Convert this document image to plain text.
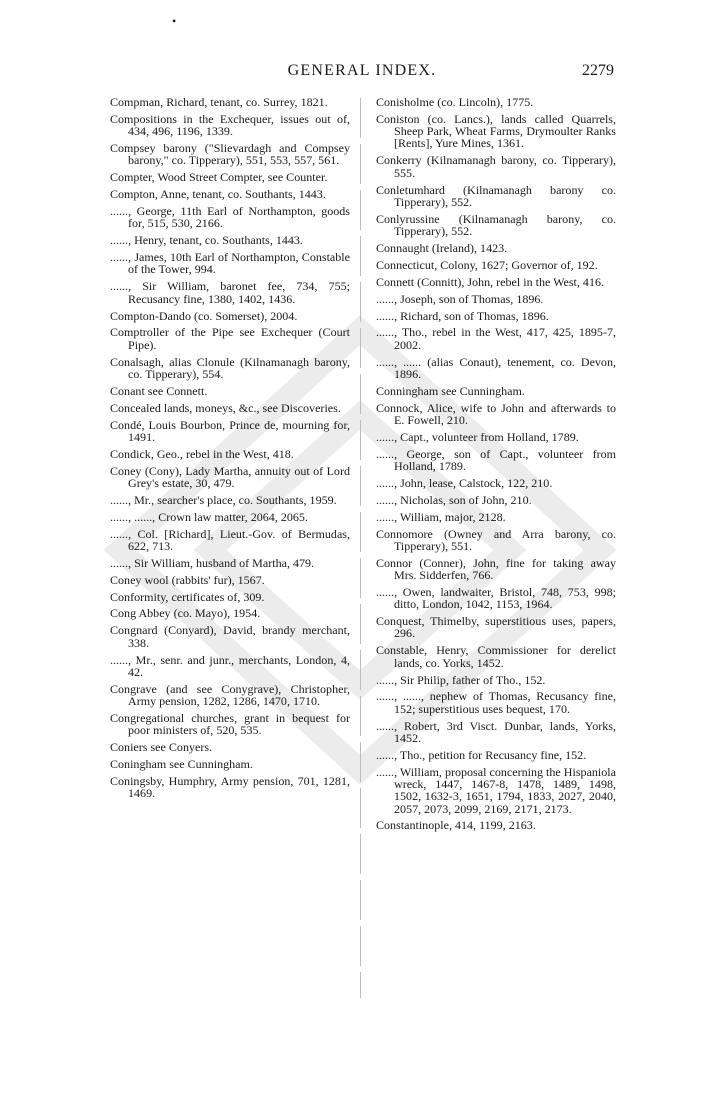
•
GENERAL INDEX.	2279
Compman, Richard, tenant, co. Surrey, 1821.
Compositions in the Exchequer, issues out of, 434, 496, 1196, 1339.
Compsey barony ("Slievardagh and Compsey barony," co. Tipperary), 551, 553, 557, 561.
Compter, Wood Street Compter, see Counter.
Compton, Anne, tenant, co. Southants, 1443.
......, George, 11th Earl of Northampton, goods for, 515, 530, 2166.
......, Henry, tenant, co. Southants, 1443.
......, James, 10th Earl of Northampton, Constable of the Tower, 994.
......, Sir William, baronet fee, 734, 755; Recusancy fine, 1380, 1402, 1436.
Compton-Dando (co. Somerset), 2004.
Comptroller of the Pipe see Exchequer (Court Pipe).
Conalsagh, alias Clonule (Kilnamanagh barony, co. Tipperary), 554.
Conant see Connett.
Concealed lands, moneys, &c., see Discoveries.
Condé, Louis Bourbon, Prince de, mourning for, 1491.
Condick, Geo., rebel in the West, 418.
Coney (Cony), Lady Martha, annuity out of Lord Grey's estate, 30, 479.
......, Mr., searcher's place, co. Southants, 1959.
......, ......, Crown law matter, 2064, 2065.
......, Col. [Richard], Lieut.-Gov. of Bermudas, 622, 713.
......, Sir William, husband of Martha, 479.
Coney wool (rabbits' fur), 1567.
Conformity, certificates of, 309.
Cong Abbey (co. Mayo), 1954.
Congnard (Conyard), David, brandy merchant, 338.
......, Mr., senr. and junr., merchants, London, 4, 42.
Congrave (and see Conygrave), Christopher, Army pension, 1282, 1286, 1470, 1710.
Congregational churches, grant in bequest for poor ministers of, 520, 535.
Coniers see Conyers.
Coningham see Cunningham.
Coningsby, Humphry, Army pension, 701, 1281, 1469.
Conisholme (co. Lincoln), 1775.
Coniston (co. Lancs.), lands called Quarrels, Sheep Park, Wheat Farms, Drymoulter Ranks [Rents], Yure Mines, 1361.
Conkerry (Kilnamanagh barony, co. Tipperary), 555.
Conletumhard (Kilnamanagh barony co. Tipperary), 552.
Conlyrussine (Kilnamanagh barony, co. Tipperary), 552.
Connaught (Ireland), 1423.
Connecticut, Colony, 1627; Governor of, 192.
Connett (Connitt), John, rebel in the West, 416.
......, Joseph, son of Thomas, 1896.
......, Richard, son of Thomas, 1896.
......, Tho., rebel in the West, 417, 425, 1895-7, 2002.
......, ...... (alias Conaut), tenement, co. Devon, 1896.
Conningham see Cunningham.
Connock, Alice, wife to John and afterwards to E. Fowell, 210.
......, Capt., volunteer from Holland, 1789.
......, George, son of Capt., volunteer from Holland, 1789.
......, John, lease, Calstock, 122, 210.
......, Nicholas, son of John, 210.
......, William, major, 2128.
Connomore (Owney and Arra barony, co. Tipperary), 551.
Connor (Conner), John, fine for taking away Mrs. Sidderfen, 766.
......, Owen, landwaiter, Bristol, 748, 753, 998; ditto, London, 1042, 1153, 1964.
Conquest, Thimelby, superstitious uses, papers, 296.
Constable, Henry, Commissioner for derelict lands, co. Yorks, 1452.
......, Sir Philip, father of Tho., 152.
......, ......, nephew of Thomas, Recusancy fine, 152; superstitious uses bequest, 170.
......, Robert, 3rd Visct. Dunbar, lands, Yorks, 1452.
......, Tho., petition for Recusancy fine, 152.
......, William, proposal concerning the Hispaniola wreck, 1447, 1467-8, 1478, 1489, 1498, 1502, 1632-3, 1651, 1794, 1833, 2027, 2040, 2057, 2073, 2099, 2169, 2171, 2173.
Constantinople, 414, 1199, 2163.
